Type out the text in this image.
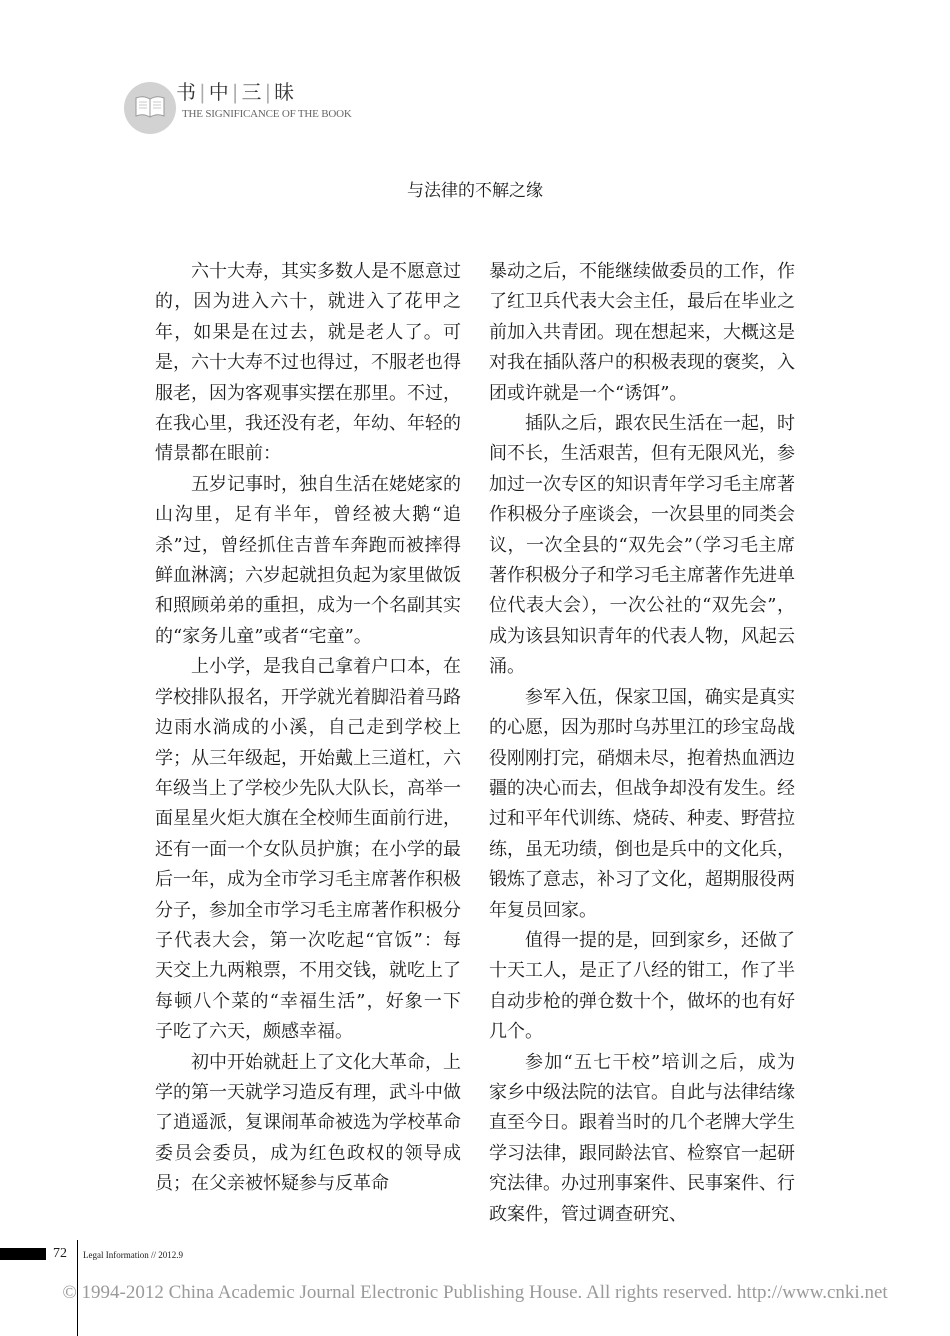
书 | 中 | 三 | 昧
THE SIGNIFICANCE OF THE BOOK
与法律的不解之缘

六十大寿，其实多数人是不愿意过的，因为进入六十，就进入了花甲之年，如果是在过去，就是老人了。可是，六十大寿不过也得过，不服老也得服老，因为客观事实摆在那里。不过，在我心里，我还没有老，年幼、年轻的情景都在眼前：

五岁记事时，独自生活在姥姥家的山沟里，足有半年，曾经被大鹅“追杀”过，曾经抓住吉普车奔跑而被摔得鲜血淋漓；六岁起就担负起为家里做饭和照顾弟弟的重担，成为一个名副其实的“家务儿童”或者“宅童”。

上小学，是我自己拿着户口本，在学校排队报名，开学就光着脚沿着马路边雨水淌成的小溪，自己走到学校上学；从三年级起，开始戴上三道杠，六年级当上了学校少先队大队长，高举一面星星火炬大旗在全校师生面前行进，还有一面一个女队员护旗；在小学的最后一年，成为全市学习毛主席著作积极分子，参加全市学习毛主席著作积极分子代表大会，第一次吃起“官饭”：每天交上九两粮票，不用交钱，就吃上了每顿八个菜的“幸福生活”，好象一下子吃了六天，颇感幸福。

初中开始就赶上了文化大革命，上学的第一天就学习造反有理，武斗中做了逍遥派，复课闹革命被选为学校革命委员会委员，成为红色政权的领导成员；在父亲被怀疑参与反革命

暴动之后，不能继续做委员的工作，作了红卫兵代表大会主任，最后在毕业之前加入共青团。现在想起来，大概这是对我在插队落户的积极表现的褒奖，入团或许就是一个“诱饵”。

插队之后，跟农民生活在一起，时间不长，生活艰苦，但有无限风光，参加过一次专区的知识青年学习毛主席著作积极分子座谈会，一次县里的同类会议，一次全县的“双先会”（学习毛主席著作积极分子和学习毛主席著作先进单位代表大会），一次公社的“双先会”，成为该县知识青年的代表人物，风起云涌。

参军入伍，保家卫国，确实是真实的心愿，因为那时乌苏里江的珍宝岛战役刚刚打完，硝烟未尽，抱着热血洒边疆的决心而去，但战争却没有发生。经过和平年代训练、烧砖、种麦、野营拉练，虽无功绩，倒也是兵中的文化兵，锻炼了意志，补习了文化，超期服役两年复员回家。

值得一提的是，回到家乡，还做了十天工人，是正了八经的钳工，作了半自动步枪的弹仓数十个，做坏的也有好几个。

参加“五七干校”培训之后，成为家乡中级法院的法官。自此与法律结缘直至今日。跟着当时的几个老牌大学生学习法律，跟同龄法官、检察官一起研究法律。办过刑事案件、民事案件、行政案件，管过调查研究、

72 Legal Information // 2012.9
© 1994-2012 China Academic Journal Electronic Publishing House. All rights reserved. http://www.cnki.net
